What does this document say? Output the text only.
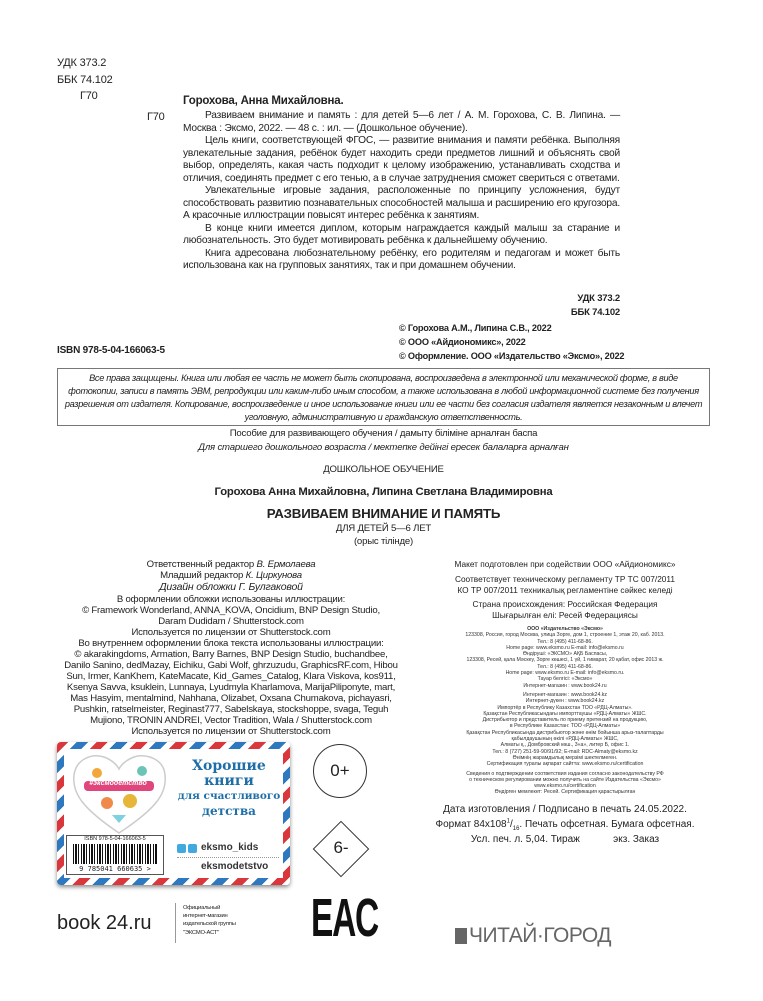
УДК 373.2
ББК 74.102
Г70	Горохова, Анна Михайловна.
Г70	Развиваем внимание и память : для детей 5—6 лет / А. М. Горохова, С. В. Липина. — Москва : Эксмо, 2022. — 48 с. : ил. — (Дошкольное обучение).

Цель книги, соответствующей ФГОС, — развитие внимания и памяти ребёнка. Выполняя увлекательные задания, ребёнок будет находить среди предметов лишний и объяснять свой выбор, определять, какая часть подходит к целому изображению, устанавливать сходства и отличия, соединять предмет с его тенью, а в случае затруднения сможет свериться с ответами.

Увлекательные игровые задания, расположенные по принципу усложнения, будут способствовать развитию познавательных способностей малыша и расширению его кругозора. А красочные иллюстрации повысят интерес ребёнка к занятиям.

В конце книги имеется диплом, которым награждается каждый малыш за старание и любознательность. Это будет мотивировать ребёнка к дальнейшему обучению.

Книга адресована любознательному ребёнку, его родителям и педагогам и может быть использована как на групповых занятиях, так и при домашнем обучении.

УДК 373.2
ББК 74.102
ISBN 978-5-04-166063-5
© Горохова А.М., Липина С.В., 2022
© ООО «Айдиономикс», 2022
© Оформление. ООО «Издательство «Эксмо», 2022
Все права защищены. Книга или любая ее часть не может быть скопирована, воспроизведена в электронной или механической форме, в виде фотокопии, записи в память ЭВМ, репродукции или каким-либо иным способом, а также использована в любой информационной системе без получения разрешения от издателя. Копирование, воспроизведение и иное использование книги или ее части без согласия издателя является незаконным и влечет уголовную, административную и гражданскую ответственность.
Пособие для развивающего обучения / дамыту біліміне арналған баспа
Для старшего дошкольного возраста / мектепке дейінгі ересек балаларға арналған
ДОШКОЛЬНОЕ ОБУЧЕНИЕ
Горохова Анна Михайловна, Липина Светлана Владимировна
РАЗВИВАЕМ ВНИМАНИЕ И ПАМЯТЬ
ДЛЯ ДЕТЕЙ 5—6 ЛЕТ
(орыс тілінде)
Ответственный редактор В. Ермолаева
Младший редактор К. Циркунова
Дизайн обложки Г. Булгаковой
В оформлении обложки использованы иллюстрации:
© Framework Wonderland, ANNA_KOVA, Oncidium, BNP Design Studio,
Daram Dudidam / Shutterstock.com
Используется по лицензии от Shutterstock.com
Во внутреннем оформлении блока текста использованы иллюстрации:
© akarakingdoms, Armation, Barry Barnes, BNP Design Studio, buchandbee,
Danilo Sanino, dedMazay, Eichiku, Gabi Wolf, ghrzuzudu, GraphicsRF.com, Hibou
Sun, Irmer, KanKhem, KateMacate, Kid_Games_Catalog, Klara Viskova, kos911,
Ksenya Savva, ksuklein, Lunnaya, Lyudmyla Kharlamova, MarijaPiliponyte, mart,
Mas Hasyim, mentalmind, Nahhana, Olizabet, Oxsana Chumakova, pichayasri,
Pushkin, ratselmeister, Reginast777, Sabelskaya, stockshoppe, svaga, Teguh
Mujiono, TRONIN ANDREI, Vector Tradition, Wala / Shutterstock.com
Используется по лицензии от Shutterstock.com
Макет подготовлен при содействии ООО «Айдиономикс»
Соответствует техническому регламенту ТР ТС 007/2011
КО ТР 007/2011 техникалық регламентіне сәйкес келеді
Страна происхождения: Российская Федерация
Шығарылған елі: Ресей Федерациясы
ООО «Издательство «Эксмо»
123308, Россия, город Москва, улица Зорге, дом 1, строение 1, этаж 20, каб. 2013.
Тел.: 8 (495) 411-68-86.
Home page: www.eksmo.ru E-mail: info@eksmo.ru
Өндіруші: «ЭКСМО» АҚБ Баспасы,
123308, Ресей, қала Мәскеу, Зорге көшесі, 1 үй, 1 ғимарат, 20 қабат, офис 2013 ж.
Тел.: 8 (495) 411-68-86.
Home page: www.eksmo.ru E-mail: info@eksmo.ru.
Тауар белгісі: «Эксмо»
Интернет-магазин : www.book24.ru
Интернет-магазин : www.book24.kz
Интернет-дүкен : www.book24.kz
Импортёр в Республику Казахстан ТОО «РДЦ-Алматы».
Қазақстан Республикасындағы импорттаушы «РДЦ-Алматы» ЖШС.
Дистрибьютор и представитель по приему претензий на продукцию,
в Республике Казахстан: ТОО «РДЦ-Алматы»
Қазақстан Республикасында дистрибьютор және өнім бойынша арыз-талаптарды
қабылдаушының өкілі «РДЦ-Алматы» ЖШС,
Алматы қ., Домбровский көш., 3«а», литер Б, офис 1.
Тел.: 8 (727) 251-59-90/91/92; E-mail: RDC-Almaty@eksmo.kz
Өнімнің жарамдылық мерзімі шектелмеген.
Сертификация туралы ақпарат сайтта: www.eksmo.ru/certification
Сведения о подтверждении соответствия издания согласно законодательству РФ
о техническом регулировании можно получить на сайте Издательства «Эксмо»
www.eksmo.ru/certification
Өндірген мемлекет: Ресей. Сертификация қарастырылған
Дата изготовления / Подписано в печать 24.05.2022.
Формат $84х108^1/_{16}$. Печать офсетная. Бумага офсетная.
Усл. печ. л. 5,04. Тираж            экз. Заказ
#эксмодетство
Хорошие
книги
для счастливого
детства
eksmo_kids
eksmodetstvo
ISBN 978-5-04-166063-5
9 785041 660635 >
0+
6-
book 24.ru
Официальный
интернет-магазин
издательской группы
"ЭКСМО-АСТ"	EAC	ЧИТАЙ·ГОРОД
